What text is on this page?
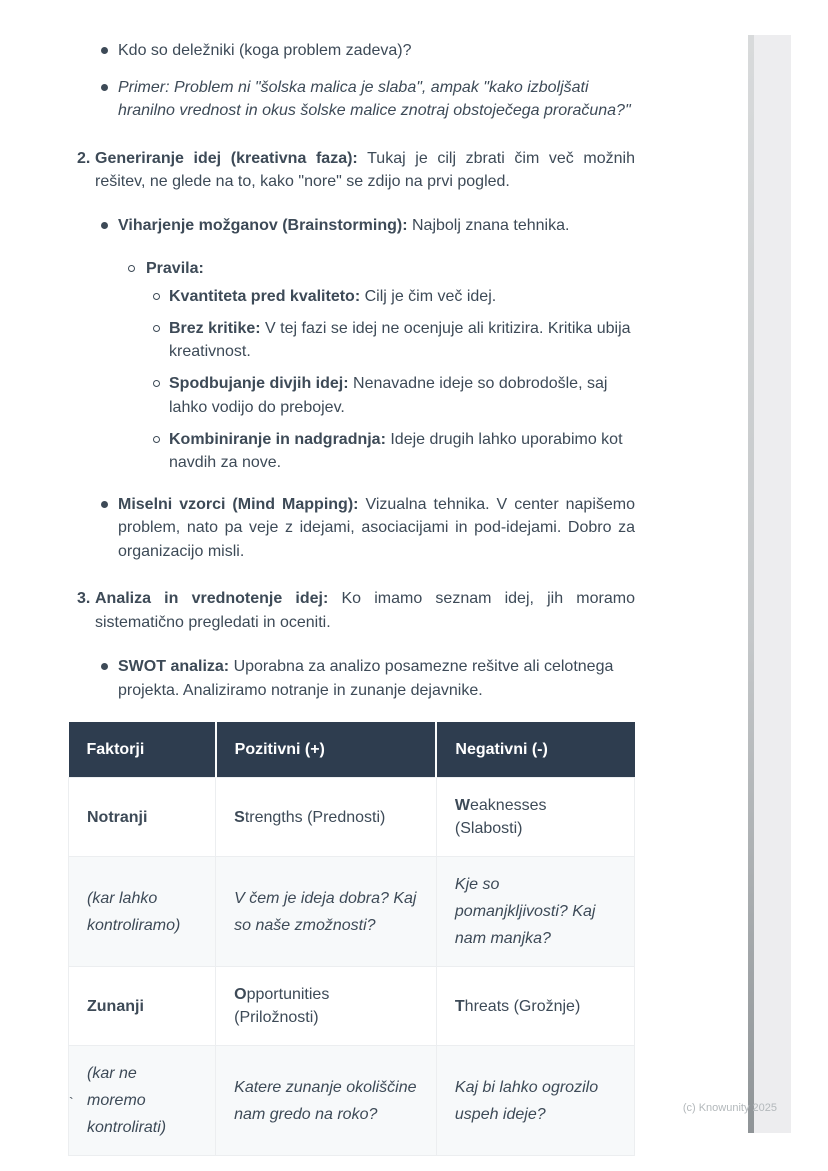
Kdo so deležniki (koga problem zadeva)?
Primer: Problem ni "šolska malica je slaba", ampak "kako izboljšati hranilno vrednost in okus šolske malice znotraj obstoječega proračuna?"
2. Generiranje idej (kreativna faza): Tukaj je cilj zbrati čim več možnih rešitev, ne glede na to, kako "nore" se zdijo na prvi pogled.
Viharjenje možganov (Brainstorming): Najbolj znana tehnika.
Pravila:
Kvantiteta pred kvaliteto: Cilj je čim več idej.
Brez kritike: V tej fazi se idej ne ocenjuje ali kritizira. Kritika ubija kreativnost.
Spodbujanje divjih idej: Nenavadne ideje so dobrodošle, saj lahko vodijo do prebojev.
Kombiniranje in nadgradnja: Ideje drugih lahko uporabimo kot navdih za nove.
Miselni vzorci (Mind Mapping): Vizualna tehnika. V center napišemo problem, nato pa veje z idejami, asociacijami in pod-idejami. Dobro za organizacijo misli.
3. Analiza in vrednotenje idej: Ko imamo seznam idej, jih moramo sistematično pregledati in oceniti.
SWOT analiza: Uporabna za analizo posamezne rešitve ali celotnega projekta. Analiziramo notranje in zunanje dejavnike.
Faktorji	Pozitivni (+)	Negativni (-)
Notranji	Strengths (Prednosti)	Weaknesses (Slabosti)
(kar lahko kontroliramo)	V čem je ideja dobra? Kaj so naše zmožnosti?	Kje so pomanjkljivosti? Kaj nam manjka?
Zunanji	Opportunities (Priložnosti)	Threats (Grožnje)
(kar ne moremo kontrolirati)	Katere zunanje okoliščine nam gredo na roko?	Kaj bi lahko ogrozilo uspeh ideje?	(c) Knowunity 2025
`
